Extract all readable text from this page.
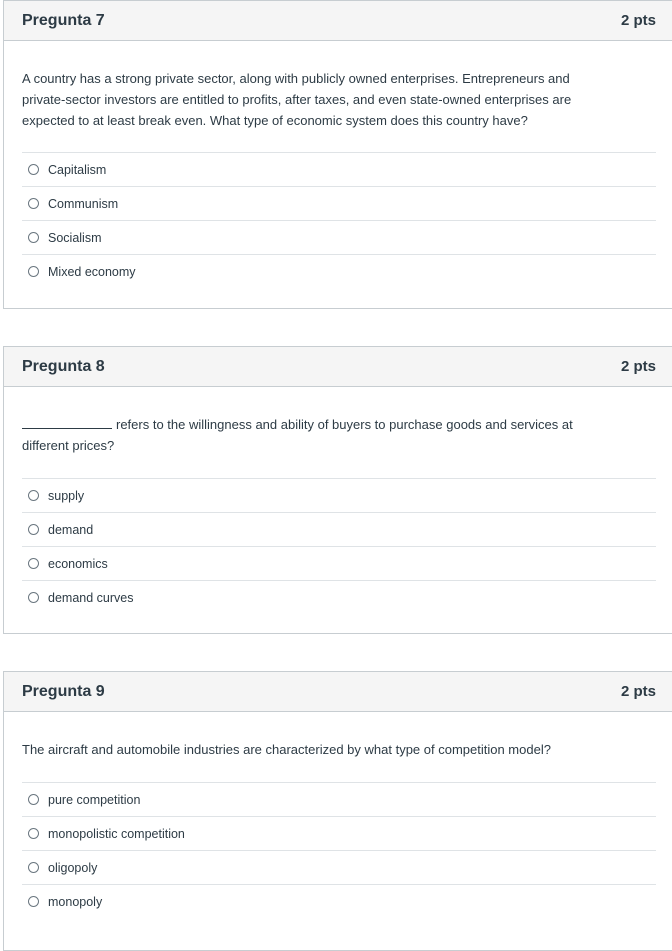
Pregunta 7	2 pts

A country has a strong private sector, along with publicly owned enterprises. Entrepreneurs and private-sector investors are entitled to profits, after taxes, and even state-owned enterprises are expected to at least break even. What type of economic system does this country have?

Capitalism
Communism
Socialism
Mixed economy
Pregunta 8	2 pts

refers to the willingness and ability of buyers to purchase goods and services at different prices?

supply
demand
economics
demand curves
Pregunta 9	2 pts

The aircraft and automobile industries are characterized by what type of competition model?

pure competition
monopolistic competition
oligopoly
monopoly
